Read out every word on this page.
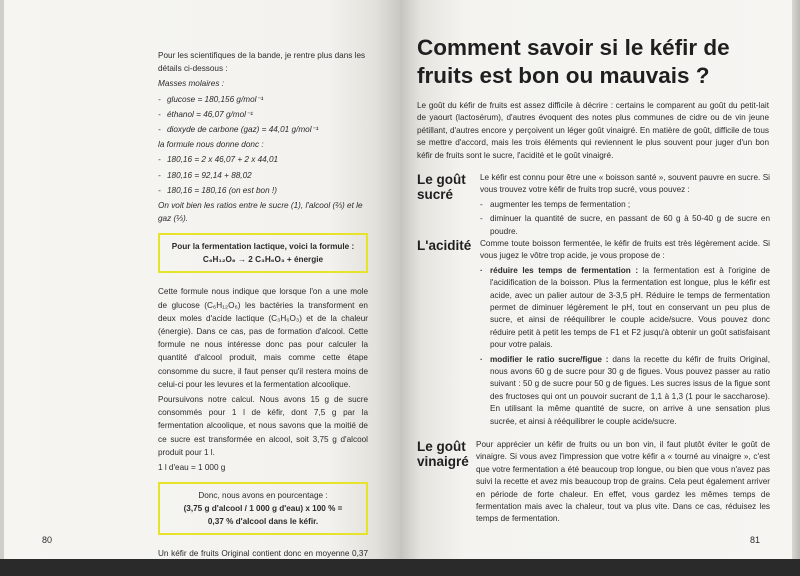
Pour les scientifiques de la bande, je rentre plus dans les détails ci-dessous :

Masses molaires :

- glucose = 180,156 g/mol⁻¹
- éthanol = 46,07 g/mol⁻¹
- dioxyde de carbone (gaz) = 44,01 g/mol⁻¹

la formule nous donne donc :

- 180,16 = 2 x 46,07 + 2 x 44,01
- 180,16 = 92,14 + 88,02
- 180,16 = 180,16 (on est bon !)

On voit bien les ratios entre le sucre (1), l'alcool (⅔) et le gaz (⅓).

Pour la fermentation lactique, voici la formule :
C₆H₁₂O₆ → 2 C₃H₆O₃ + énergie

Cette formule nous indique que lorsque l'on a une mole de glucose (C₆H₁₂O₆) les bactéries la transforment en deux moles d'acide lactique (C₃H₆O₃) et de la chaleur (énergie). Dans ce cas, pas de formation d'alcool. Cette formule ne nous intéresse donc pas pour calculer la quantité d'alcool produit, mais comme cette étape consomme du sucre, il faut penser qu'il restera moins de celui-ci pour les levures et la fermentation alcoolique.

Poursuivons notre calcul. Nous avons 15 g de sucre consommés pour 1 l de kéfir, dont 7,5 g par la fermentation alcoolique, et nous savons que la moitié de ce sucre est transformée en alcool, soit 3,75 g d'alcool produit pour 1 l.

1 l d'eau = 1 000 g

Donc, nous avons en pourcentage :
(3,75 g d'alcool / 1 000 g d'eau) x 100 % =
0,37 % d'alcool dans le kéfir.

Un kéfir de fruits Original contient donc en moyenne 0,37 % d'alcool.

80
Comment savoir si le kéfir de fruits est bon ou mauvais ?
Le goût du kéfir de fruits est assez difficile à décrire : certains le comparent au goût du petit-lait de yaourt (lactosérum), d'autres évoquent des notes plus communes de cidre ou de vin jeune pétillant, d'autres encore y perçoivent un léger goût vinaigré. En matière de goût, difficile de tous se mettre d'accord, mais les trois éléments qui reviennent le plus souvent pour juger d'un bon kéfir de fruits sont le sucre, l'acidité et le goût vinaigré.
Le goût sucré

Le kéfir est connu pour être une « boisson santé », souvent pauvre en sucre. Si vous trouvez votre kéfir de fruits trop sucré, vous pouvez :

- augmenter les temps de fermentation ;
- diminuer la quantité de sucre, en passant de 60 g à 50-40 g de sucre en poudre.
L'acidité	Comme toute boisson fermentée, le kéfir de fruits est très légèrement acide. Si vous jugez le vôtre trop acide, je vous propose de :

· réduire les temps de fermentation : la fermentation est à l'origine de l'acidification de la boisson. Plus la fermentation est longue, plus le kéfir est acide, avec un palier autour de 3-3,5 pH. Réduire le temps de fermentation permet de diminuer légèrement le pH, tout en conservant un peu plus de sucre, et ainsi de rééquilibrer le couple acide/sucre. Vous pouvez donc réduire petit à petit les temps de F1 et F2 jusqu'à obtenir un goût satisfaisant pour votre palais.
· modifier le ratio sucre/figue : dans la recette du kéfir de fruits Original, nous avons 60 g de sucre pour 30 g de figues. Vous pouvez passer au ratio suivant : 50 g de sucre pour 50 g de figues. Les sucres issus de la figue sont des fructoses qui ont un pouvoir sucrant de 1,1 à 1,3 (1 pour le saccharose). En utilisant la même quantité de sucre, on arrive à une sensation plus sucrée, et ainsi à rééquilibrer le couple acide/sucre.
Le goût vinaigré

Pour apprécier un kéfir de fruits ou un bon vin, il faut plutôt éviter le goût de vinaigre. Si vous avez l'impression que votre kéfir a « tourné au vinaigre », c'est que votre fermentation a été beaucoup trop longue, ou bien que vous n'avez pas suivi la recette et avez mis beaucoup trop de grains. Cela peut également arriver en période de forte chaleur. En effet, vous gardez les mêmes temps de fermentation mais avec la chaleur, tout va plus vite. Dans ce cas, réduisez les temps de fermentation.

81
